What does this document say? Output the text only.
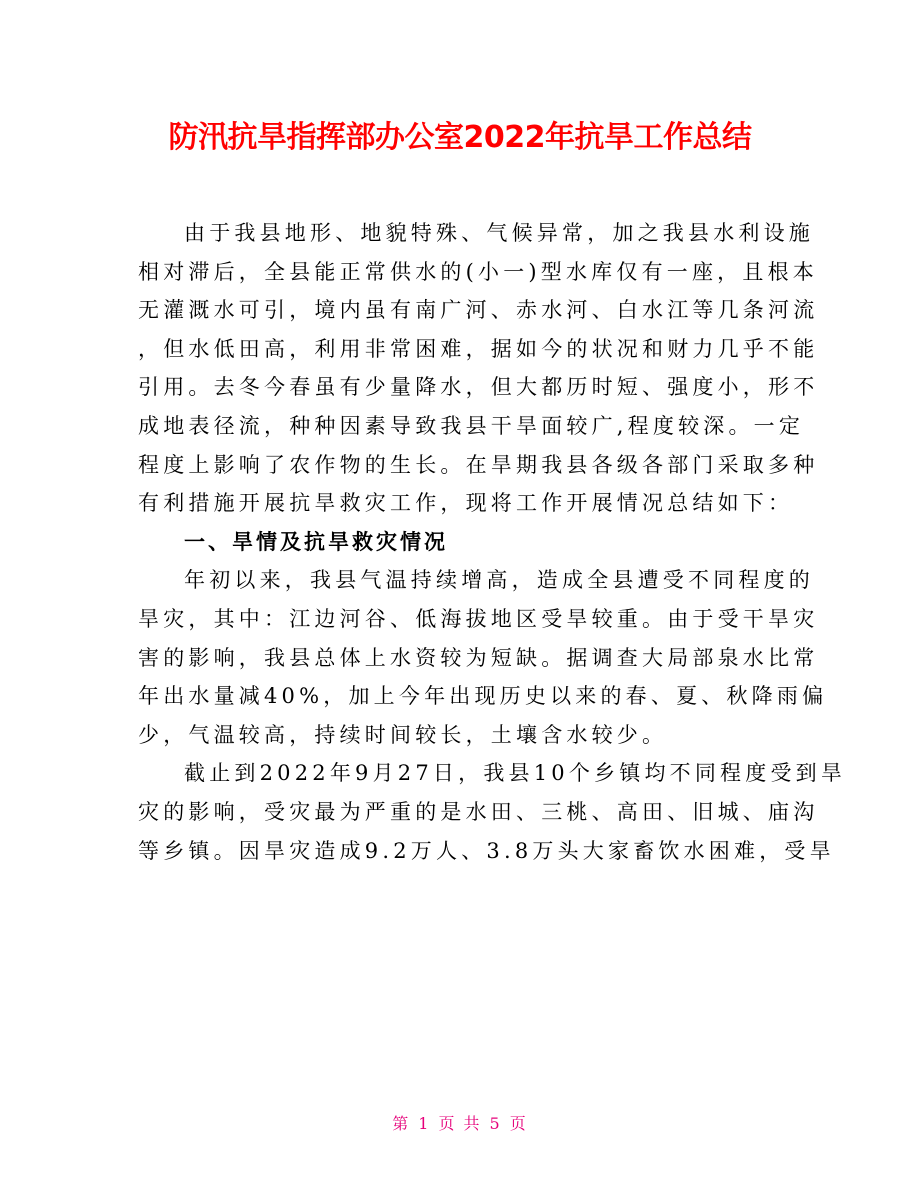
防汛抗旱指挥部办公室2022年抗旱工作总结
由于我县地形、地貌特殊、气候异常，加之我县水利设施
相对滞后，全县能正常供水的(小一)型水库仅有一座，且根本
无灌溉水可引，境内虽有南广河、赤水河、白水江等几条河流
，但水低田高，利用非常困难，据如今的状况和财力几乎不能
引用。去冬今春虽有少量降水，但大都历时短、强度小，形不
成地表径流，种种因素导致我县干旱面较广,程度较深。一定
程度上影响了农作物的生长。在旱期我县各级各部门采取多种
有利措施开展抗旱救灾工作，现将工作开展情况总结如下：
一、旱情及抗旱救灾情况
年初以来，我县气温持续增高，造成全县遭受不同程度的
旱灾，其中：江边河谷、低海拔地区受旱较重。由于受干旱灾
害的影响，我县总体上水资较为短缺。据调查大局部泉水比常
年出水量减40%，加上今年出现历史以来的春、夏、秋降雨偏
少，气温较高，持续时间较长，土壤含水较少。
截止到2022年9月27日，我县10个乡镇均不同程度受到旱
灾的影响，受灾最为严重的是水田、三桃、高田、旧城、庙沟
等乡镇。因旱灾造成9.2万人、3.8万头大家畜饮水困难，受旱
第 1 页 共 5 页
